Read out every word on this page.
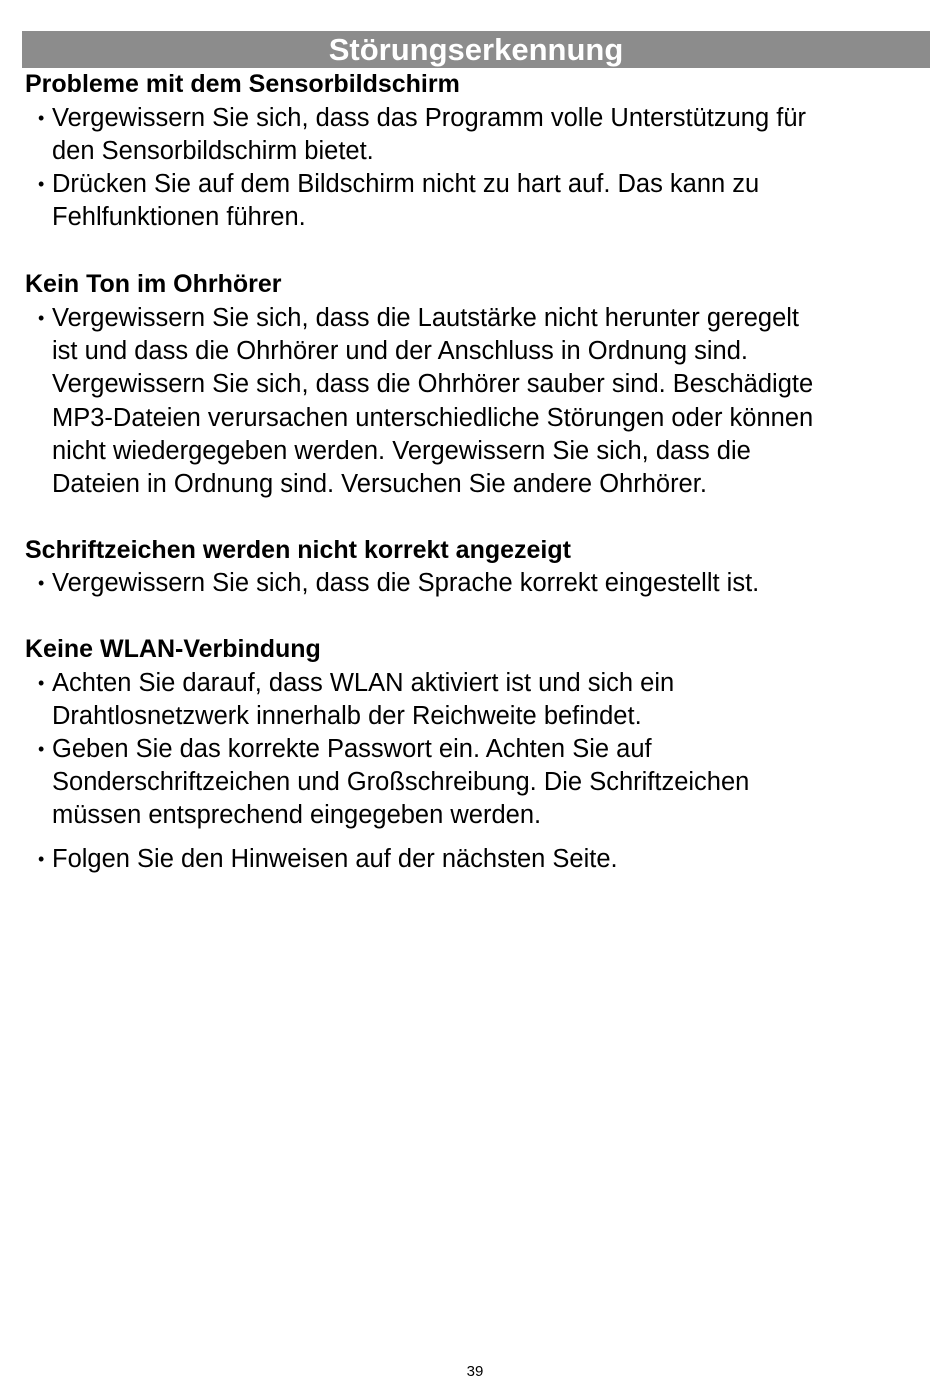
Störungserkennung
Probleme mit dem Sensorbildschirm
• Vergewissern Sie sich, dass das Programm volle Unterstützung für
den Sensorbildschirm bietet.
• Drücken Sie auf dem Bildschirm nicht zu hart auf. Das kann zu
Fehlfunktionen führen.
Kein Ton im Ohrhörer
• Vergewissern Sie sich, dass die Lautstärke nicht herunter geregelt
ist und dass die Ohrhörer und der Anschluss in Ordnung sind.
Vergewissern Sie sich, dass die Ohrhörer sauber sind. Beschädigte
MP3-Dateien verursachen unterschiedliche Störungen oder können
nicht wiedergegeben werden. Vergewissern Sie sich, dass die
Dateien in Ordnung sind. Versuchen Sie andere Ohrhörer.
Schriftzeichen werden nicht korrekt angezeigt
• Vergewissern Sie sich, dass die Sprache korrekt eingestellt ist.
Keine WLAN-Verbindung
• Achten Sie darauf, dass WLAN aktiviert ist und sich ein
Drahtlosnetzwerk innerhalb der Reichweite befindet.
• Geben Sie das korrekte Passwort ein. Achten Sie auf
Sonderschriftzeichen und Großschreibung. Die Schriftzeichen
müssen entsprechend eingegeben werden.
• Folgen Sie den Hinweisen auf der nächsten Seite.
39
